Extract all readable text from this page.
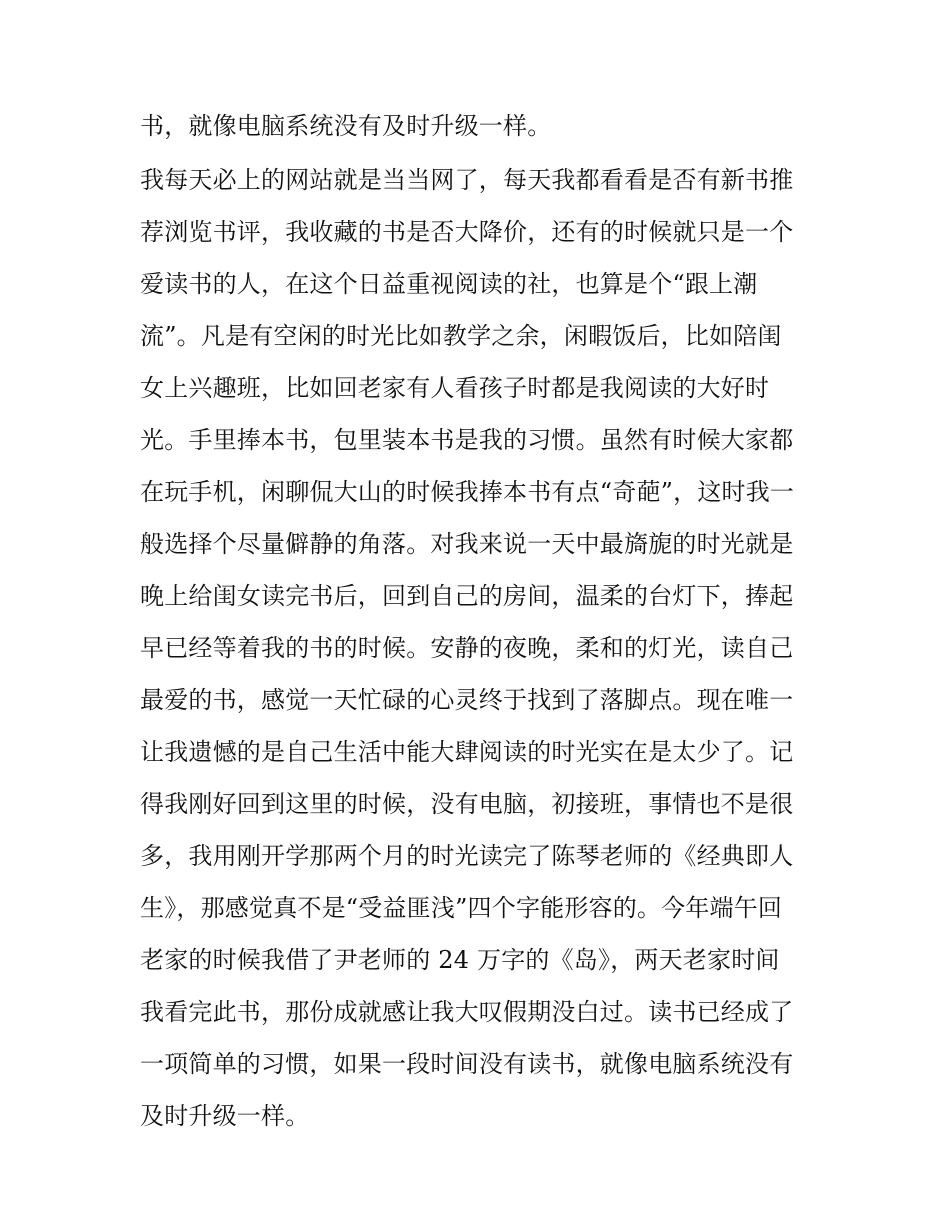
书，就像电脑系统没有及时升级一样。
我每天必上的网站就是当当网了，每天我都看看是否有新书推
荐浏览书评，我收藏的书是否大降价，还有的时候就只是一个
爱读书的人，在这个日益重视阅读的社，也算是个“跟上潮
流”。凡是有空闲的时光比如教学之余，闲暇饭后，比如陪闺
女上兴趣班，比如回老家有人看孩子时都是我阅读的大好时
光。手里捧本书，包里装本书是我的习惯。虽然有时候大家都
在玩手机，闲聊侃大山的时候我捧本书有点“奇葩”，这时我一
般选择个尽量僻静的角落。对我来说一天中最旖旎的时光就是
晚上给闺女读完书后，回到自己的房间，温柔的台灯下，捧起
早已经等着我的书的时候。安静的夜晚，柔和的灯光，读自己
最爱的书，感觉一天忙碌的心灵终于找到了落脚点。现在唯一
让我遗憾的是自己生活中能大肆阅读的时光实在是太少了。记
得我刚好回到这里的时候，没有电脑，初接班，事情也不是很
多，我用刚开学那两个月的时光读完了陈琴老师的《经典即人
生》，那感觉真不是“受益匪浅”四个字能形容的。今年端午回
老家的时候我借了尹老师的 24 万字的《岛》，两天老家时间
我看完此书，那份成就感让我大叹假期没白过。读书已经成了
一项简单的习惯，如果一段时间没有读书，就像电脑系统没有
及时升级一样。
